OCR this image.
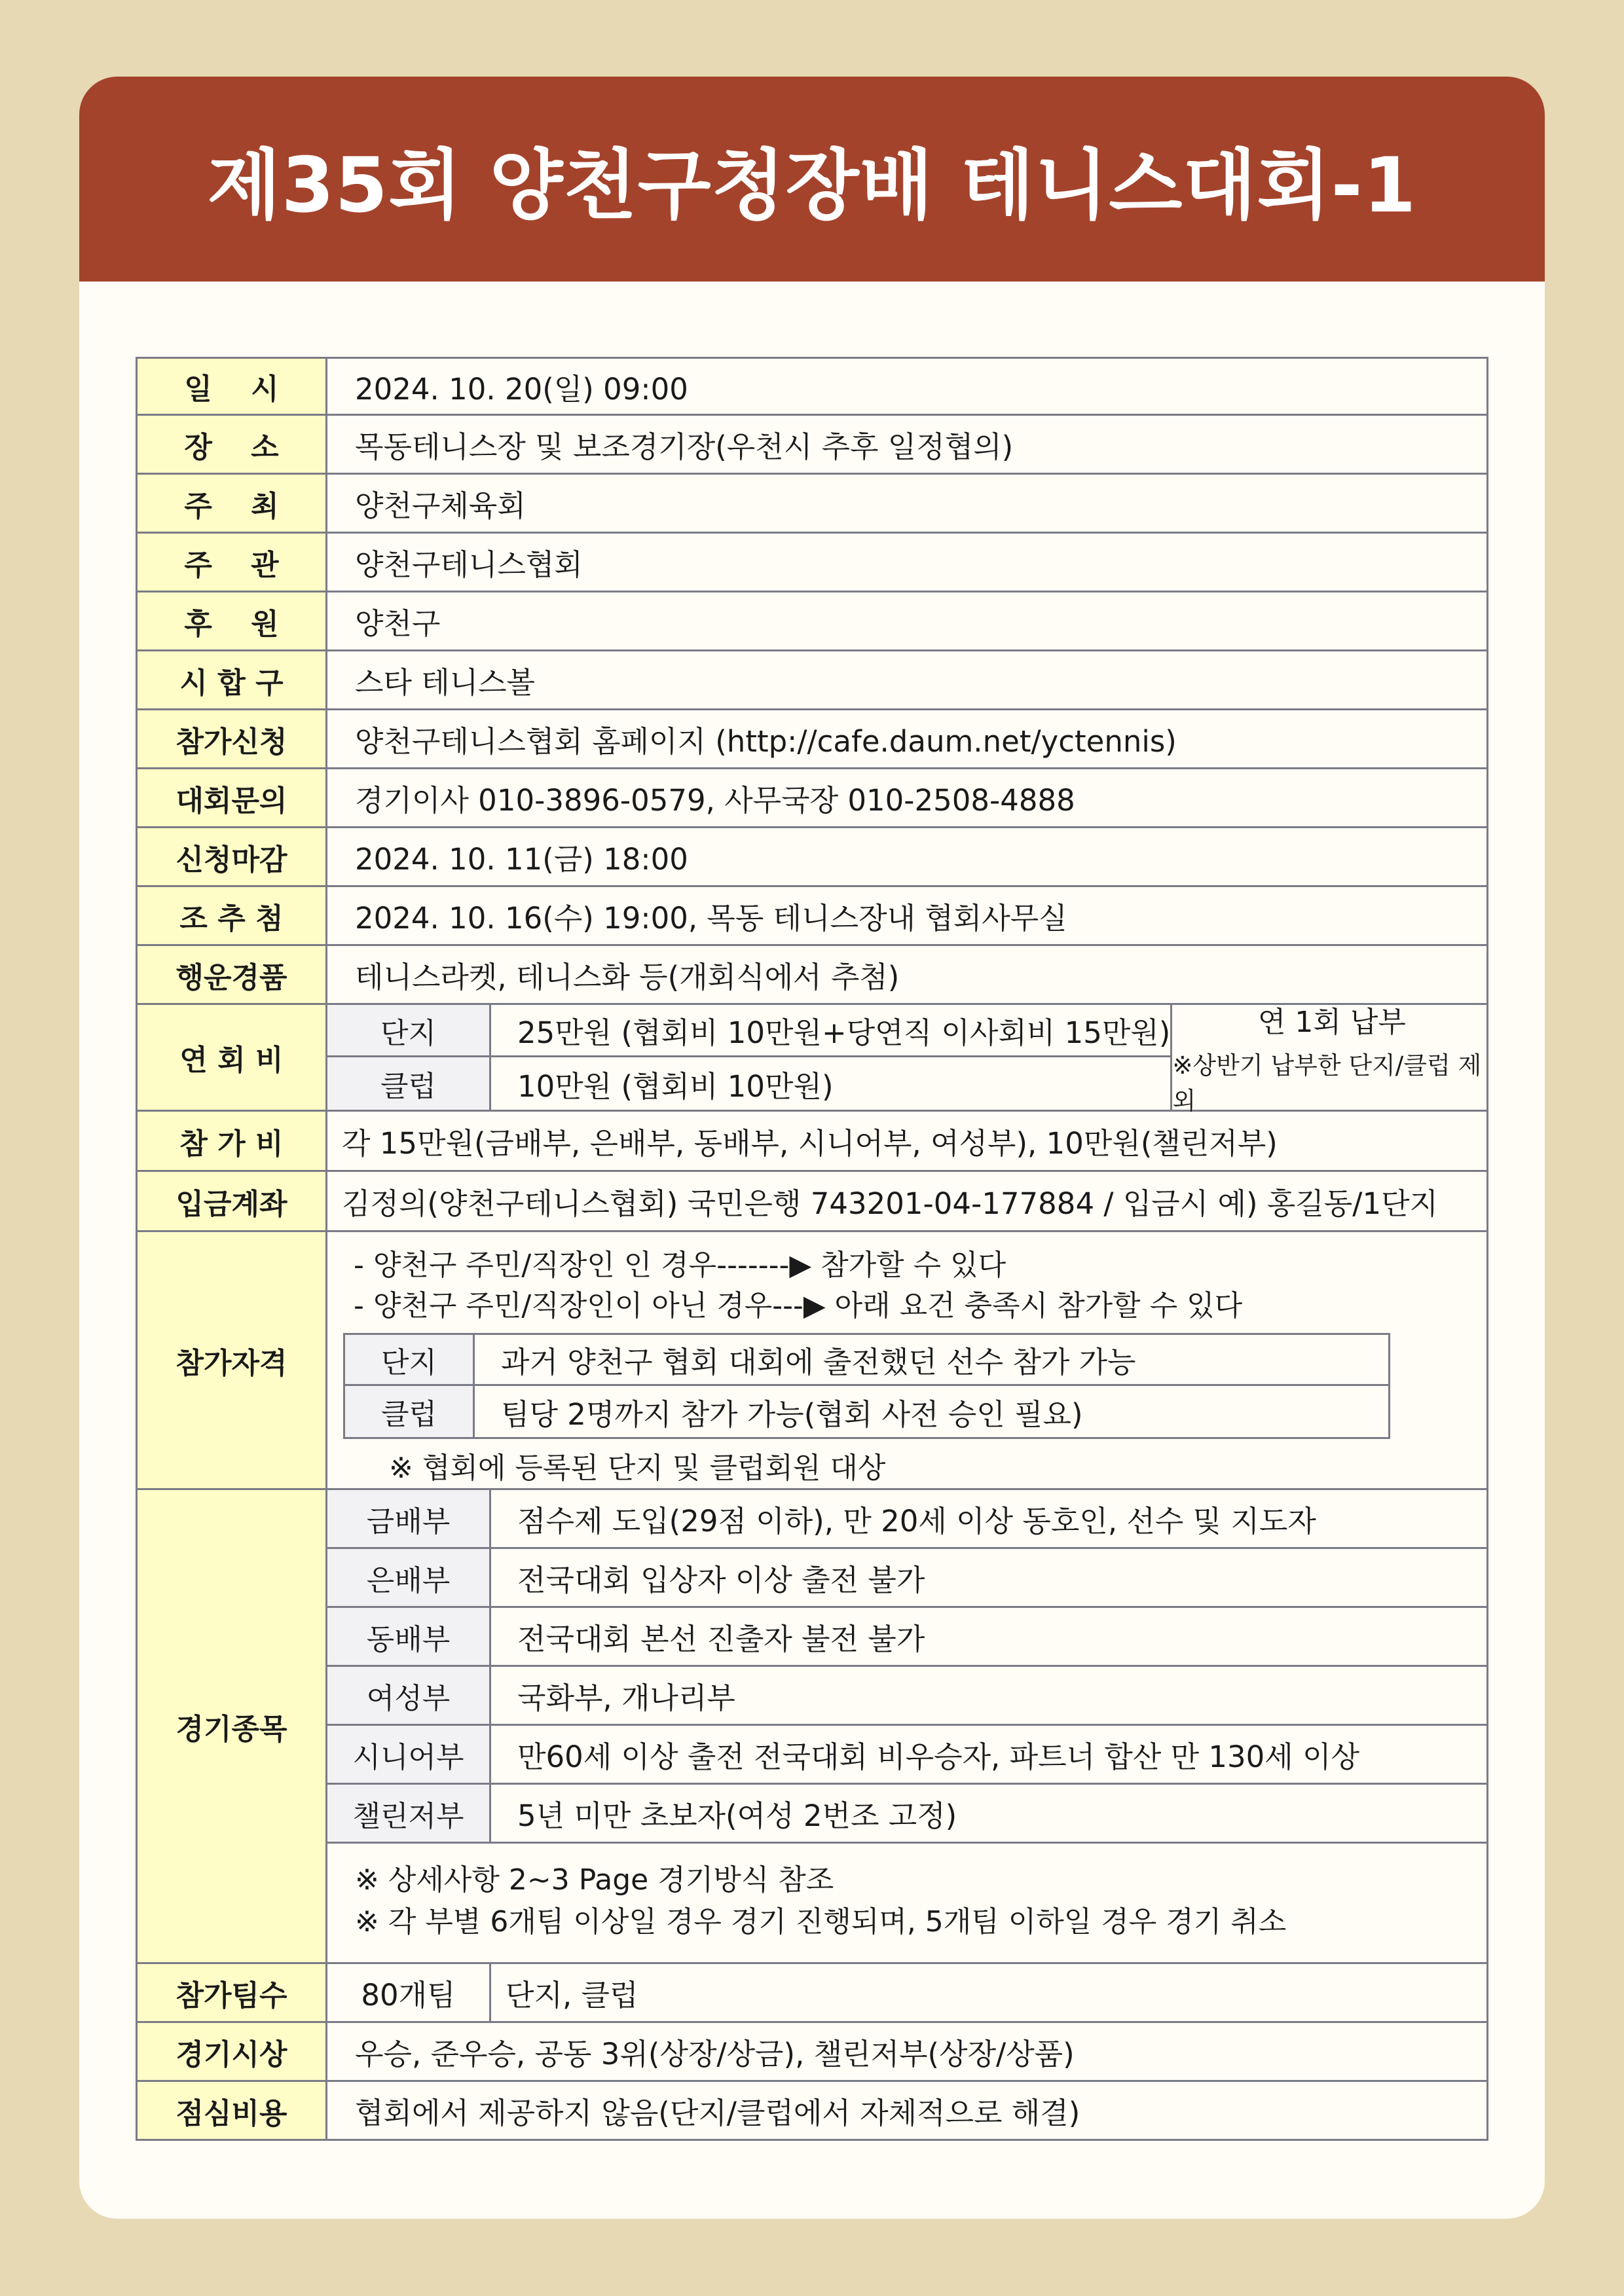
제35회 양천구청장배 테니스대회-1
일 시	2024. 10. 20(일) 09:00
장 소	목동테니스장 및 보조경기장(우천시 추후 일정협의)
주 최	양천구체육회
주 관	양천구테니스협회
후 원	양천구
시 합 구	스타 테니스볼
참가신청	양천구테니스협회 홈페이지 (http://cafe.daum.net/yctennis)
대회문의	경기이사 010-3896-0579, 사무국장 010-2508-4888
신청마감	2024. 10. 11(금) 18:00
조 추 첨	2024. 10. 16(수) 19:00, 목동 테니스장내 협회사무실
행운경품	테니스라켓, 테니스화 등(개회식에서 추첨)
연 회 비
단지	25만원 (협회비 10만원+당연직 이사회비 15만원)
클럽	10만원 (협회비 10만원)
연 1회 납부
※상반기 납부한 단지/클럽 제외
참 가 비	각 15만원(금배부, 은배부, 동배부, 시니어부, 여성부), 10만원(챌린저부)
입금계좌	김정의(양천구테니스협회) 국민은행 743201-04-177884 / 입금시 예) 홍길동/1단지
참가자격
- 양천구 주민/직장인 인 경우-------▶ 참가할 수 있다
- 양천구 주민/직장인이 아닌 경우---▶ 아래 요건 충족시 참가할 수 있다
단지	과거 양천구 협회 대회에 출전했던 선수 참가 가능
클럽	팀당 2명까지 참가 가능(협회 사전 승인 필요)
※ 협회에 등록된 단지 및 클럽회원 대상
경기종목
금배부	점수제 도입(29점 이하), 만 20세 이상 동호인, 선수 및 지도자
은배부	전국대회 입상자 이상 출전 불가
동배부	전국대회 본선 진출자 불전 불가
여성부	국화부, 개나리부
시니어부	만60세 이상 출전 전국대회 비우승자, 파트너 합산 만 130세 이상
챌린저부	5년 미만 초보자(여성 2번조 고정)
※ 상세사항 2~3 Page 경기방식 참조
※ 각 부별 6개팀 이상일 경우 경기 진행되며, 5개팀 이하일 경우 경기 취소
참가팀수	80개팀	단지, 클럽
경기시상	우승, 준우승, 공동 3위(상장/상금), 챌린저부(상장/상품)
점심비용	협회에서 제공하지 않음(단지/클럽에서 자체적으로 해결)
